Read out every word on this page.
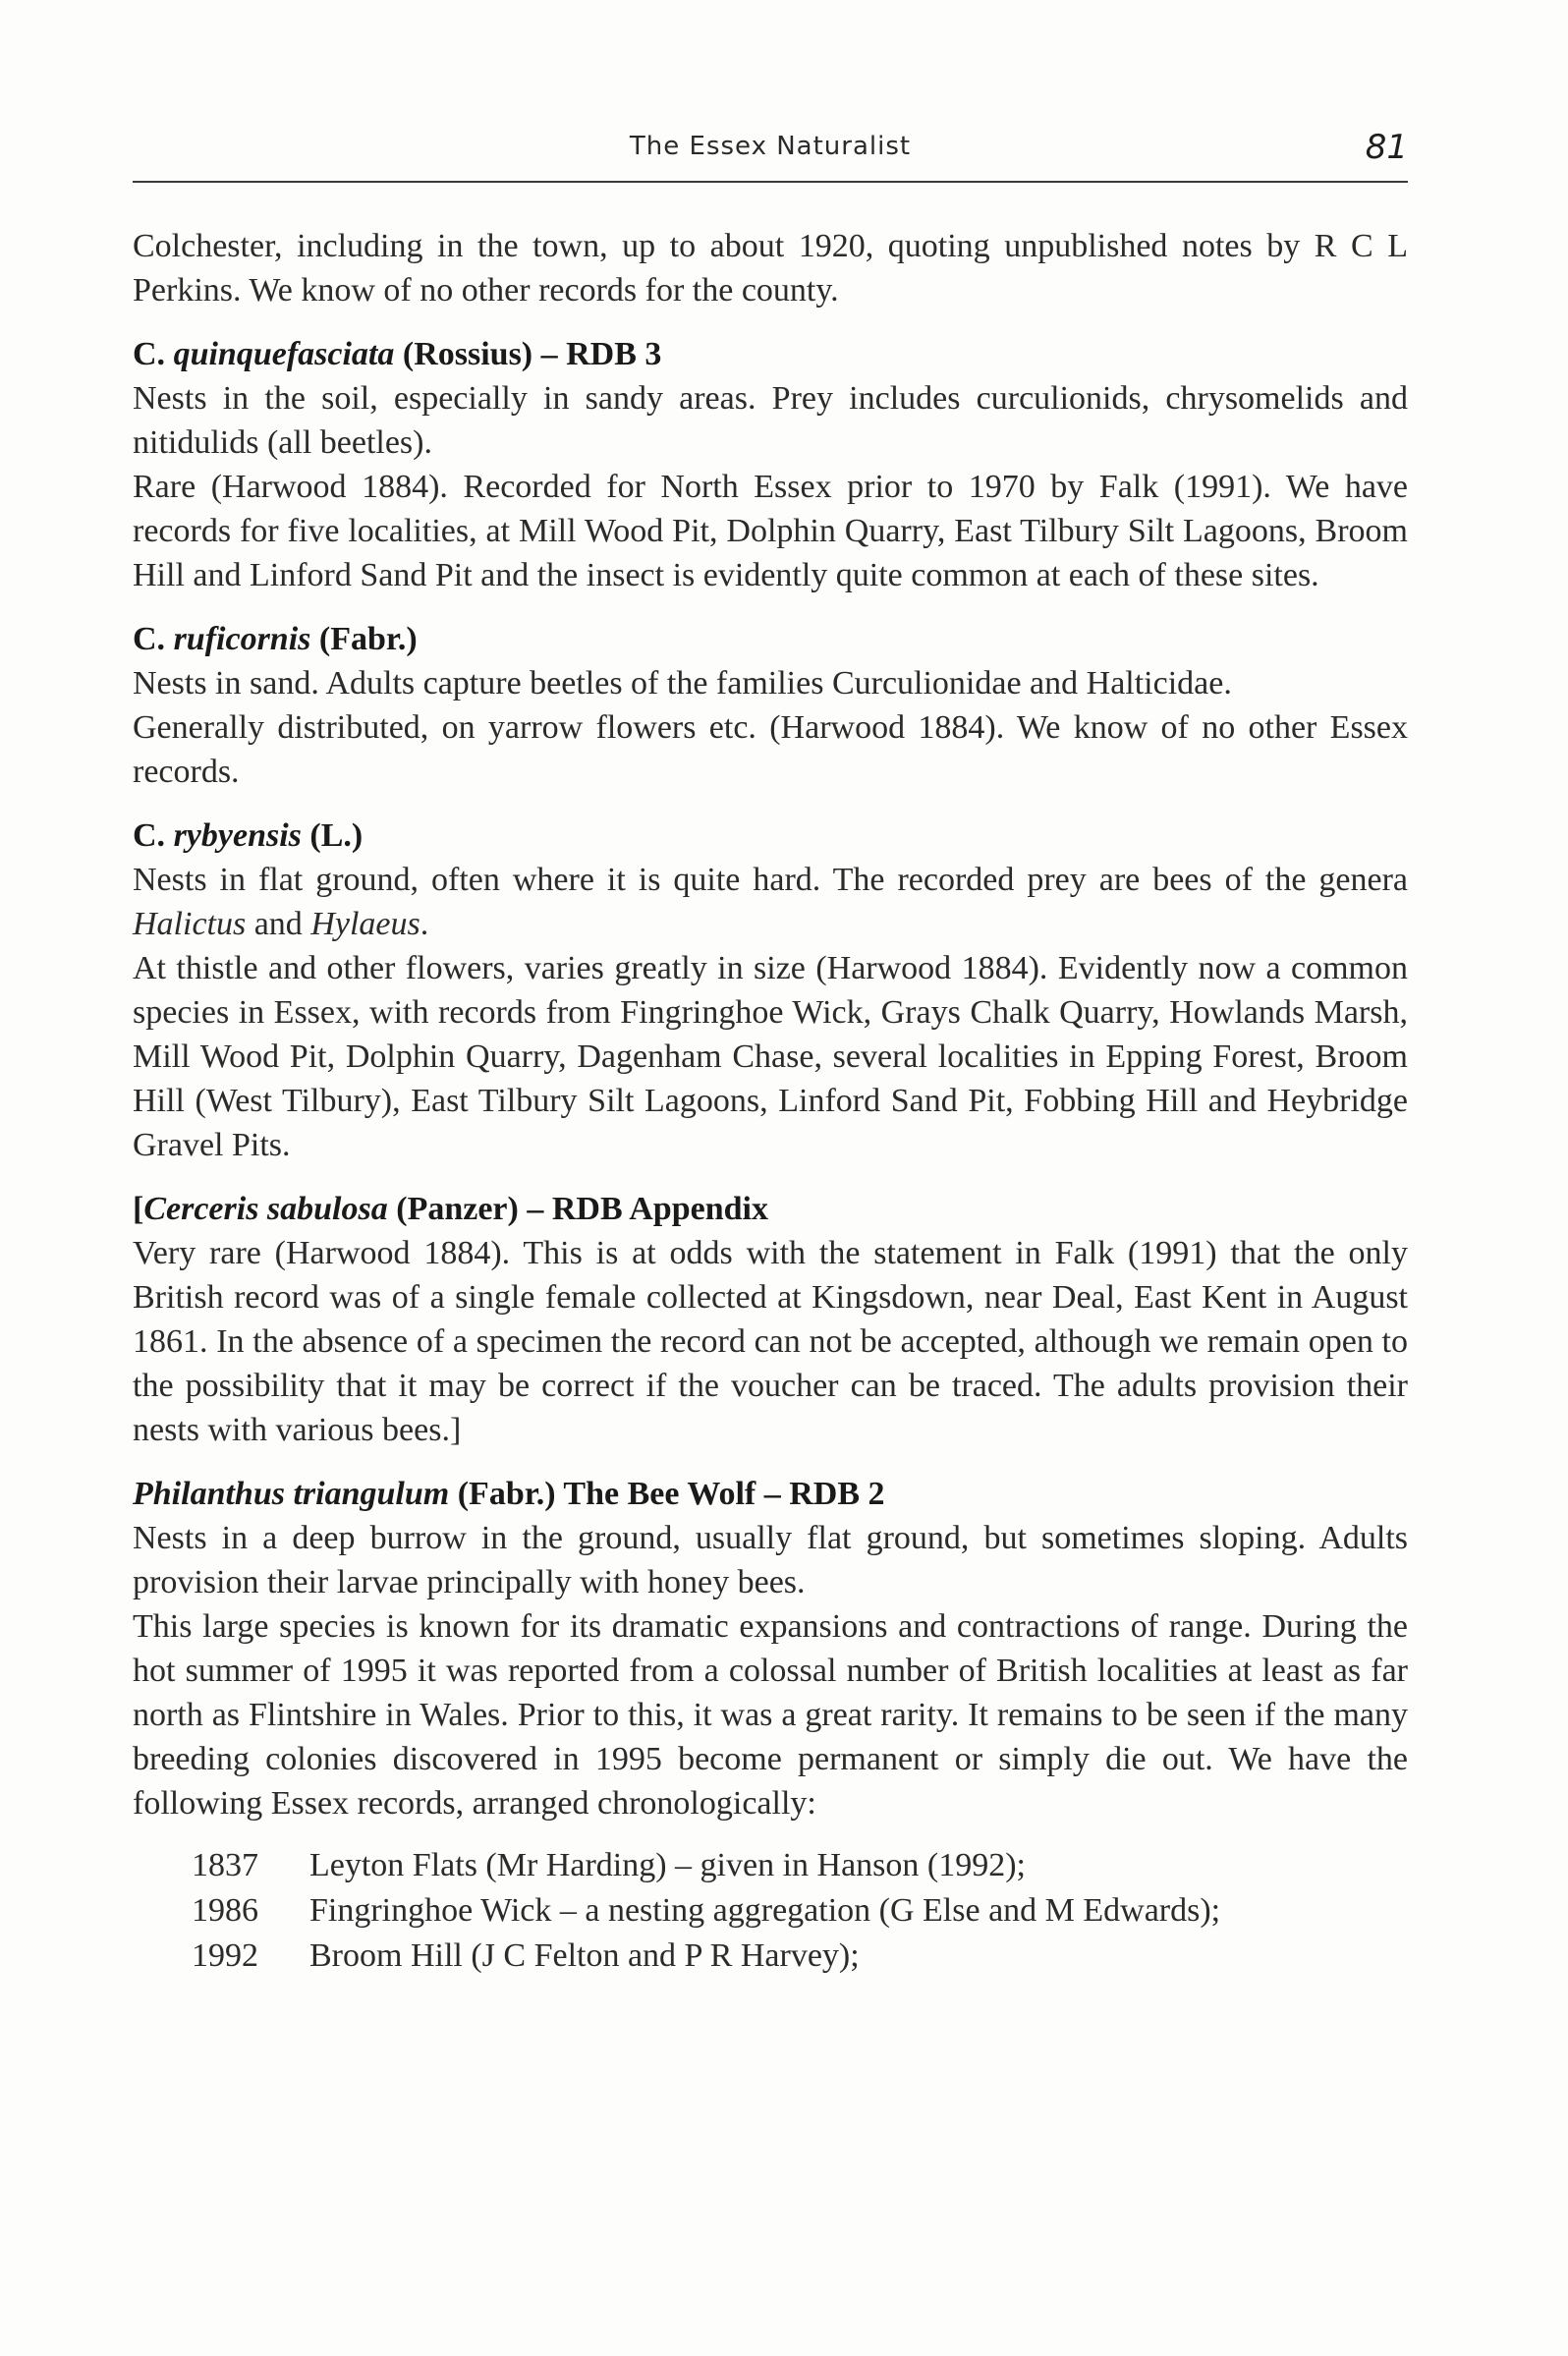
The Essex Naturalist	81

Colchester, including in the town, up to about 1920, quoting unpublished notes by R C L Perkins. We know of no other records for the county.

C. quinquefasciata (Rossius) – RDB 3

Nests in the soil, especially in sandy areas. Prey includes curculionids, chrysomelids and nitidulids (all beetles).

Rare (Harwood 1884). Recorded for North Essex prior to 1970 by Falk (1991). We have records for five localities, at Mill Wood Pit, Dolphin Quarry, East Tilbury Silt Lagoons, Broom Hill and Linford Sand Pit and the insect is evidently quite common at each of these sites.

C. ruficornis (Fabr.)

Nests in sand. Adults capture beetles of the families Curculionidae and Halticidae.

Generally distributed, on yarrow flowers etc. (Harwood 1884). We know of no other Essex records.

C. rybyensis (L.)

Nests in flat ground, often where it is quite hard. The recorded prey are bees of the genera Halictus and Hylaeus.

At thistle and other flowers, varies greatly in size (Harwood 1884). Evidently now a common species in Essex, with records from Fingringhoe Wick, Grays Chalk Quarry, Howlands Marsh, Mill Wood Pit, Dolphin Quarry, Dagenham Chase, several localities in Epping Forest, Broom Hill (West Tilbury), East Tilbury Silt Lagoons, Linford Sand Pit, Fobbing Hill and Heybridge Gravel Pits.

[Cerceris sabulosa (Panzer) – RDB Appendix

Very rare (Harwood 1884). This is at odds with the statement in Falk (1991) that the only British record was of a single female collected at Kingsdown, near Deal, East Kent in August 1861. In the absence of a specimen the record can not be accepted, although we remain open to the possibility that it may be correct if the voucher can be traced. The adults provision their nests with various bees.]

Philanthus triangulum (Fabr.) The Bee Wolf – RDB 2

Nests in a deep burrow in the ground, usually flat ground, but sometimes sloping. Adults provision their larvae principally with honey bees.

This large species is known for its dramatic expansions and contractions of range. During the hot summer of 1995 it was reported from a colossal number of British localities at least as far north as Flintshire in Wales. Prior to this, it was a great rarity. It remains to be seen if the many breeding colonies discovered in 1995 become permanent or simply die out. We have the following Essex records, arranged chronologically:

1837	Leyton Flats (Mr Harding) – given in Hanson (1992);
1986	Fingringhoe Wick – a nesting aggregation (G Else and M Edwards);
1992	Broom Hill (J C Felton and P R Harvey);
